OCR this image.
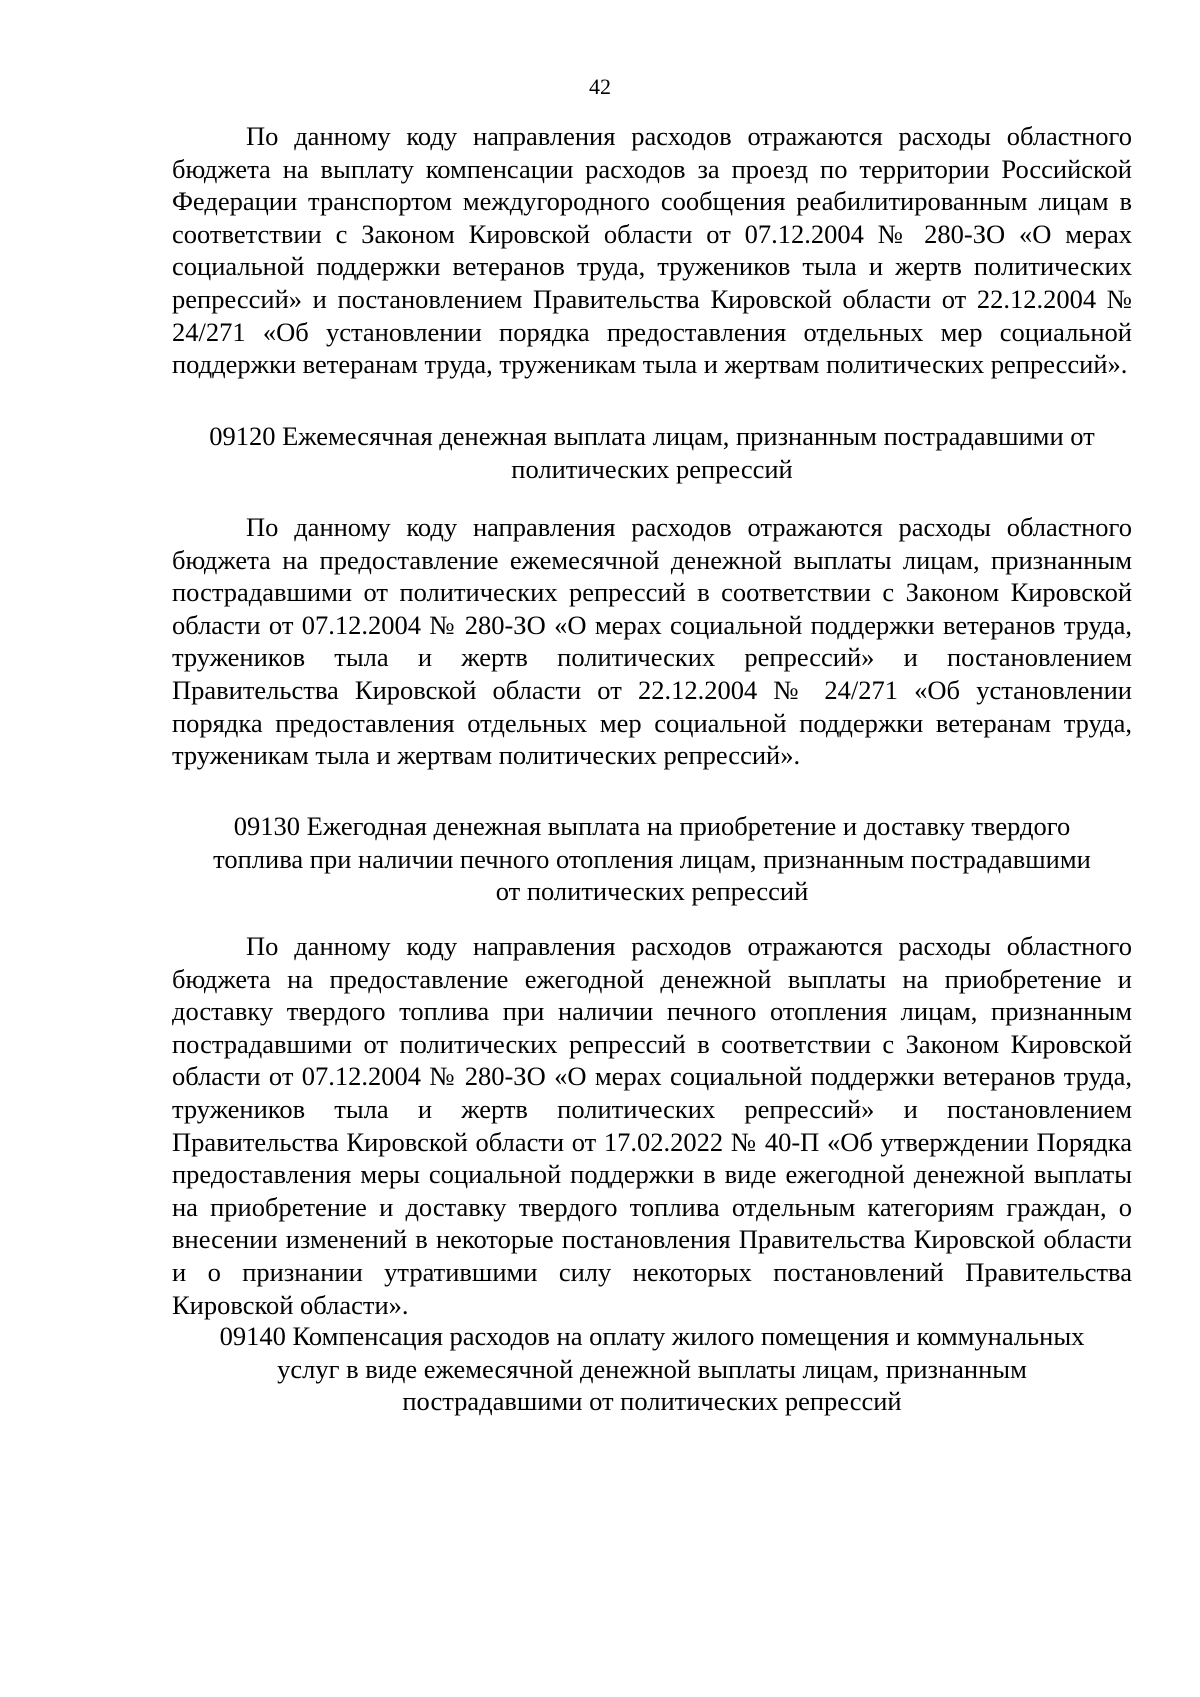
42

По данному коду направления расходов отражаются расходы областного бюджета на выплату компенсации расходов за проезд по территории Российской Федерации транспортом междугородного сообщения реабилитированным лицам в соответствии с Законом Кировской области от 07.12.2004 № 280-ЗО «О мерах социальной поддержки ветеранов труда, тружеников тыла и жертв политических репрессий» и постановлением Правительства Кировской области от 22.12.2004 № 24/271 «Об установлении порядка предоставления отдельных мер социальной поддержки ветеранам труда, труженикам тыла и жертвам политических репрессий».

09120 Ежемесячная денежная выплата лицам, признанным пострадавшими от
политических репрессий

По данному коду направления расходов отражаются расходы областного бюджета на предоставление ежемесячной денежной выплаты лицам, признанным пострадавшими от политических репрессий в соответствии с Законом Кировской области от 07.12.2004 № 280-ЗО «О мерах социальной поддержки ветеранов труда, тружеников тыла и жертв политических репрессий» и постановлением Правительства Кировской области от 22.12.2004 № 24/271 «Об установлении порядка предоставления отдельных мер социальной поддержки ветеранам труда, труженикам тыла и жертвам политических репрессий».

09130 Ежегодная денежная выплата на приобретение и доставку твердого
топлива при наличии печного отопления лицам, признанным пострадавшими
от политических репрессий

По данному коду направления расходов отражаются расходы областного бюджета на предоставление ежегодной денежной выплаты на приобретение и доставку твердого топлива при наличии печного отопления лицам, признанным пострадавшими от политических репрессий в соответствии с Законом Кировской области от 07.12.2004 № 280-ЗО «О мерах социальной поддержки ветеранов труда, тружеников тыла и жертв политических репрессий» и постановлением Правительства Кировской области от 17.02.2022 № 40-П «Об утверждении Порядка предоставления меры социальной поддержки в виде ежегодной денежной выплаты на приобретение и доставку твердого топлива отдельным категориям граждан, о внесении изменений в некоторые постановления Правительства Кировской области и о признании утратившими силу некоторых постановлений Правительства Кировской области».

09140 Компенсация расходов на оплату жилого помещения и коммунальных
услуг в виде ежемесячной денежной выплаты лицам, признанным
пострадавшими от политических репрессий
